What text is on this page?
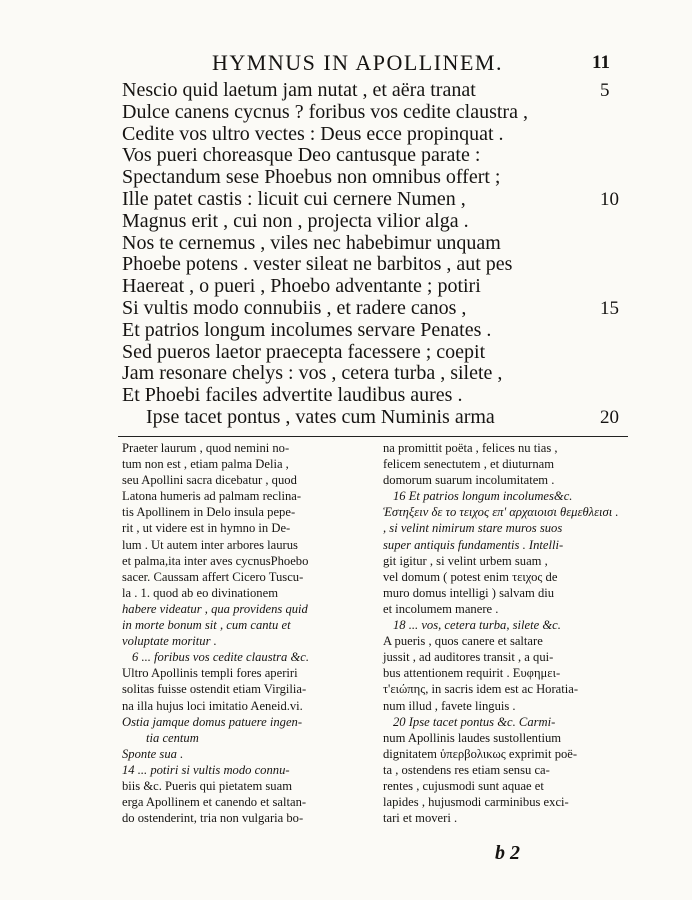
HYMNUS IN APOLLINEM.	11
Nescio quid laetum jam nutat , et aëra tranat	5
Dulce canens cycnus ? foribus vos cedite claustra ,
Cedite vos ultro vectes : Deus ecce propinquat .
Vos pueri choreasque Deo cantusque parate :
Spectandum sese Phoebus non omnibus offert ;
Ille patet castis : licuit cui cernere Numen ,	10
Magnus erit , cui non , projecta vilior alga .
Nos te cernemus , viles nec habebimur unquam
Phoebe potens . vester sileat ne barbitos , aut pes
Haereat , o pueri , Phoebo adventante ; potiri
Si vultis modo connubiis , et radere canos ,	15
Et patrios longum incolumes servare Penates .
Sed pueros laetor praecepta facessere ; coepit
Jam resonare chelys : vos , cetera turba , silete ,
Et Phoebi faciles advertite laudibus aures .
Ipse tacet pontus , vates cum Numinis arma	20
Praeter laurum , quod nemini no-
tum non est , etiam palma Delia ,
seu Apollini sacra dicebatur , quod
Latona humeris ad palmam reclina-
tis Apollinem in Delo insula pepe-
rit , ut videre est in hymno in De-
lum . Ut autem inter arbores laurus
et palma,ita inter aves cycnusPhoebo
sacer. Caussam affert Cicero Tuscu-
la . 1. quod ab eo divinationem
habere videatur , qua providens quid
in morte bonum sit , cum cantu et
voluptate moritur .
6 ... foribus vos cedite claustra &c.
Ultro Apollinis templi fores aperiri
solitas fuisse ostendit etiam Virgilia-
na illa hujus loci imitatio Aeneid.vi.
Ostia jamque domus patuere ingen-
tia centum
Sponte sua .
14 ... potiri si vultis modo connu-
biis &c. Pueris qui pietatem suam
erga Apollinem et canendo et saltan-
do ostenderint, tria non vulgaria bo-
na promittit poëta , felices nu tias ,
felicem senectutem , et diuturnam
domorum suarum incolumitatem .
16 Et patrios longum incolumes&c.
Ἑστηξειν δε το τειχος επ' αρχαιοισι θεμεθλεισι .
, si velint nimirum stare muros suos
super antiquis fundamentis . Intelli-
git igitur , si velint urbem suam ,
vel domum ( potest enim τειχος de
muro domus intelligi ) salvam diu
et incolumem manere .
18 ... vos, cetera turba, silete &c.
A pueris , quos canere et saltare
jussit , ad auditores transit , a qui-
bus attentionem requirit . Ευφημει-
τ'ειώπης, in sacris idem est ac Horatia-
num illud , favete linguis .
20 Ipse tacet pontus &c. Carmi-
num Apollinis laudes sustollentium
dignitatem ὑπερβολικως exprimit poë-
ta , ostendens res etiam sensu ca-
rentes , cujusmodi sunt aquae et
lapides , hujusmodi carminibus exci-
tari et moveri .
b 2
